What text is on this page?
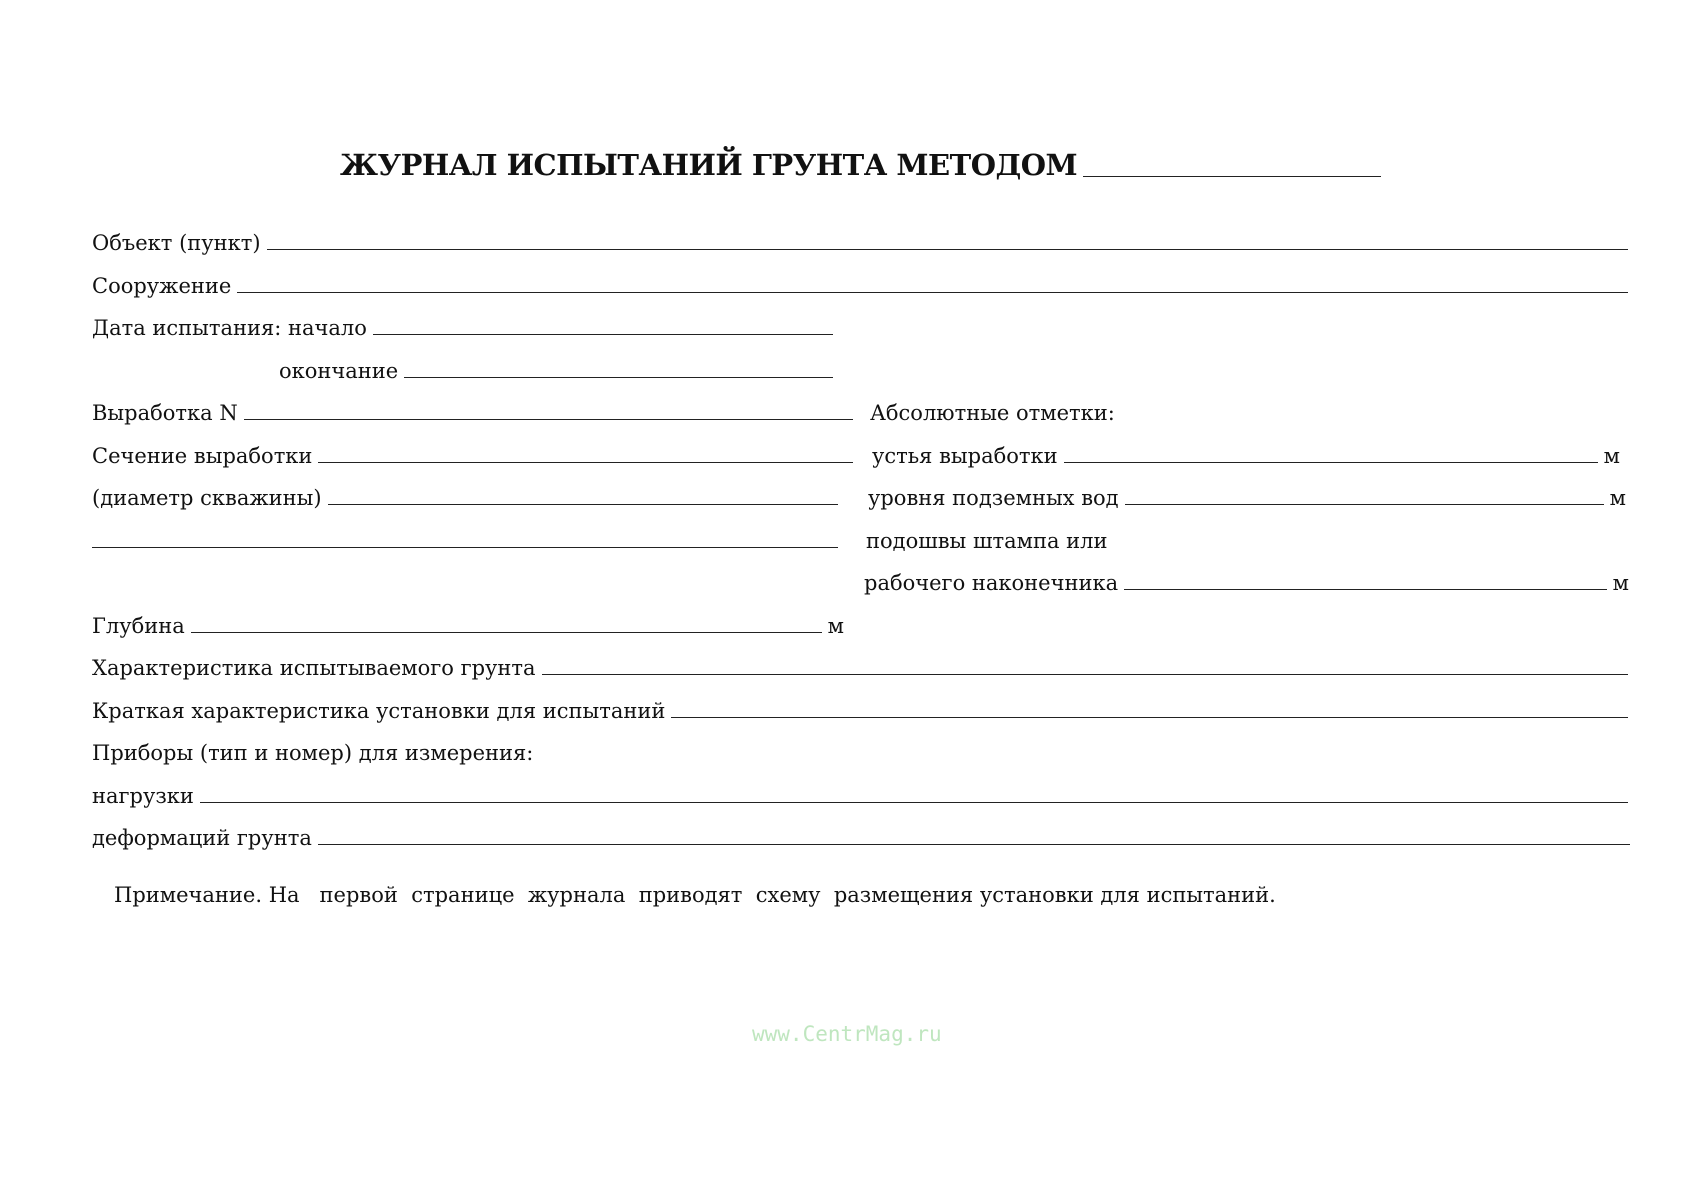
ЖУРНАЛ ИСПЫТАНИЙ ГРУНТА МЕТОДОМ
Объект (пункт)
Сооружение
Дата испытания: начало
окончание
Выработка N	Абсолютные отметки:
Сечение выработки	устья выработки	м
(диаметр скважины)	уровня подземных вод	м
подошвы штампа или
рабочего наконечника	м
Глубина	м
Характеристика испытываемого грунта
Краткая характеристика установки для испытаний
Приборы (тип и номер) для измерения:
нагрузки
деформаций грунта
Примечание. На   первой  странице  журнала  приводят  схему  размещения установки для испытаний.
www.CentrMag.ru
